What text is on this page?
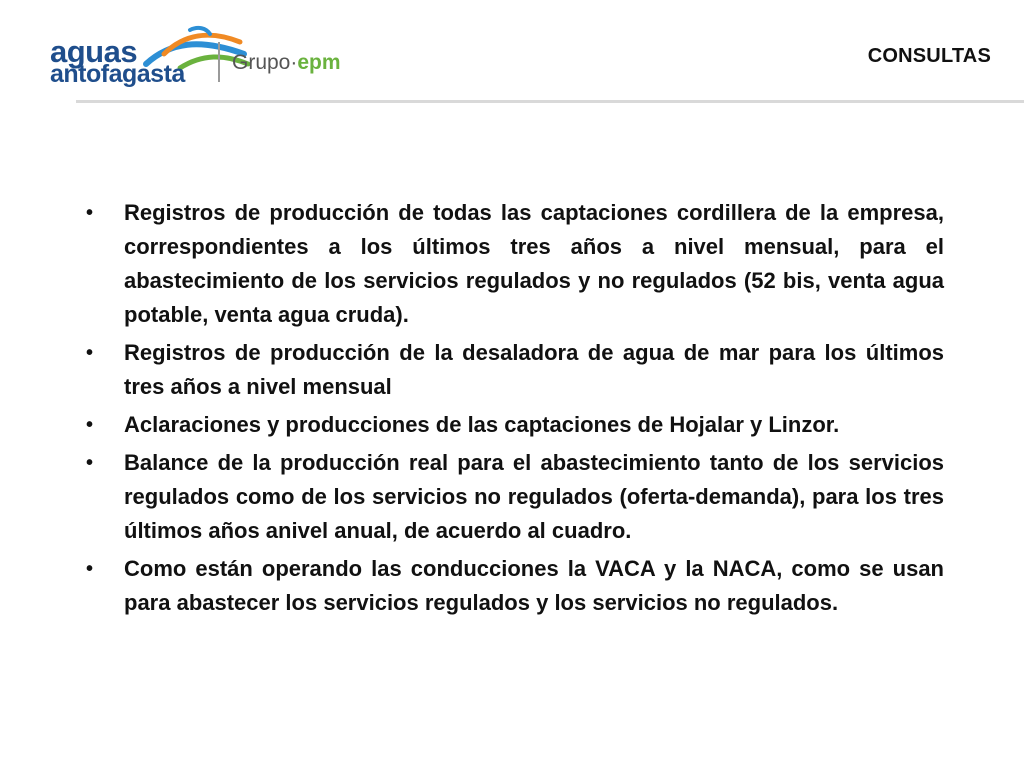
aguas
antofagasta Grupo·epm	CONSULTAS
•	Registros de producción de todas las captaciones cordillera de la empresa, correspondientes a los últimos tres años a nivel mensual, para el abastecimiento de los servicios regulados y no regulados (52 bis, venta agua potable, venta agua cruda).
•	Registros de producción de la desaladora de agua de mar para los últimos tres años a nivel mensual
•	Aclaraciones y producciones de las captaciones de Hojalar y Linzor.
•	Balance de la producción real para el abastecimiento tanto de los servicios regulados como de los servicios no regulados (oferta-demanda), para los tres últimos años anivel anual, de acuerdo al cuadro.
•	Como están operando las conducciones la VACA y la NACA, como se usan para abastecer los servicios regulados y los servicios no regulados.
